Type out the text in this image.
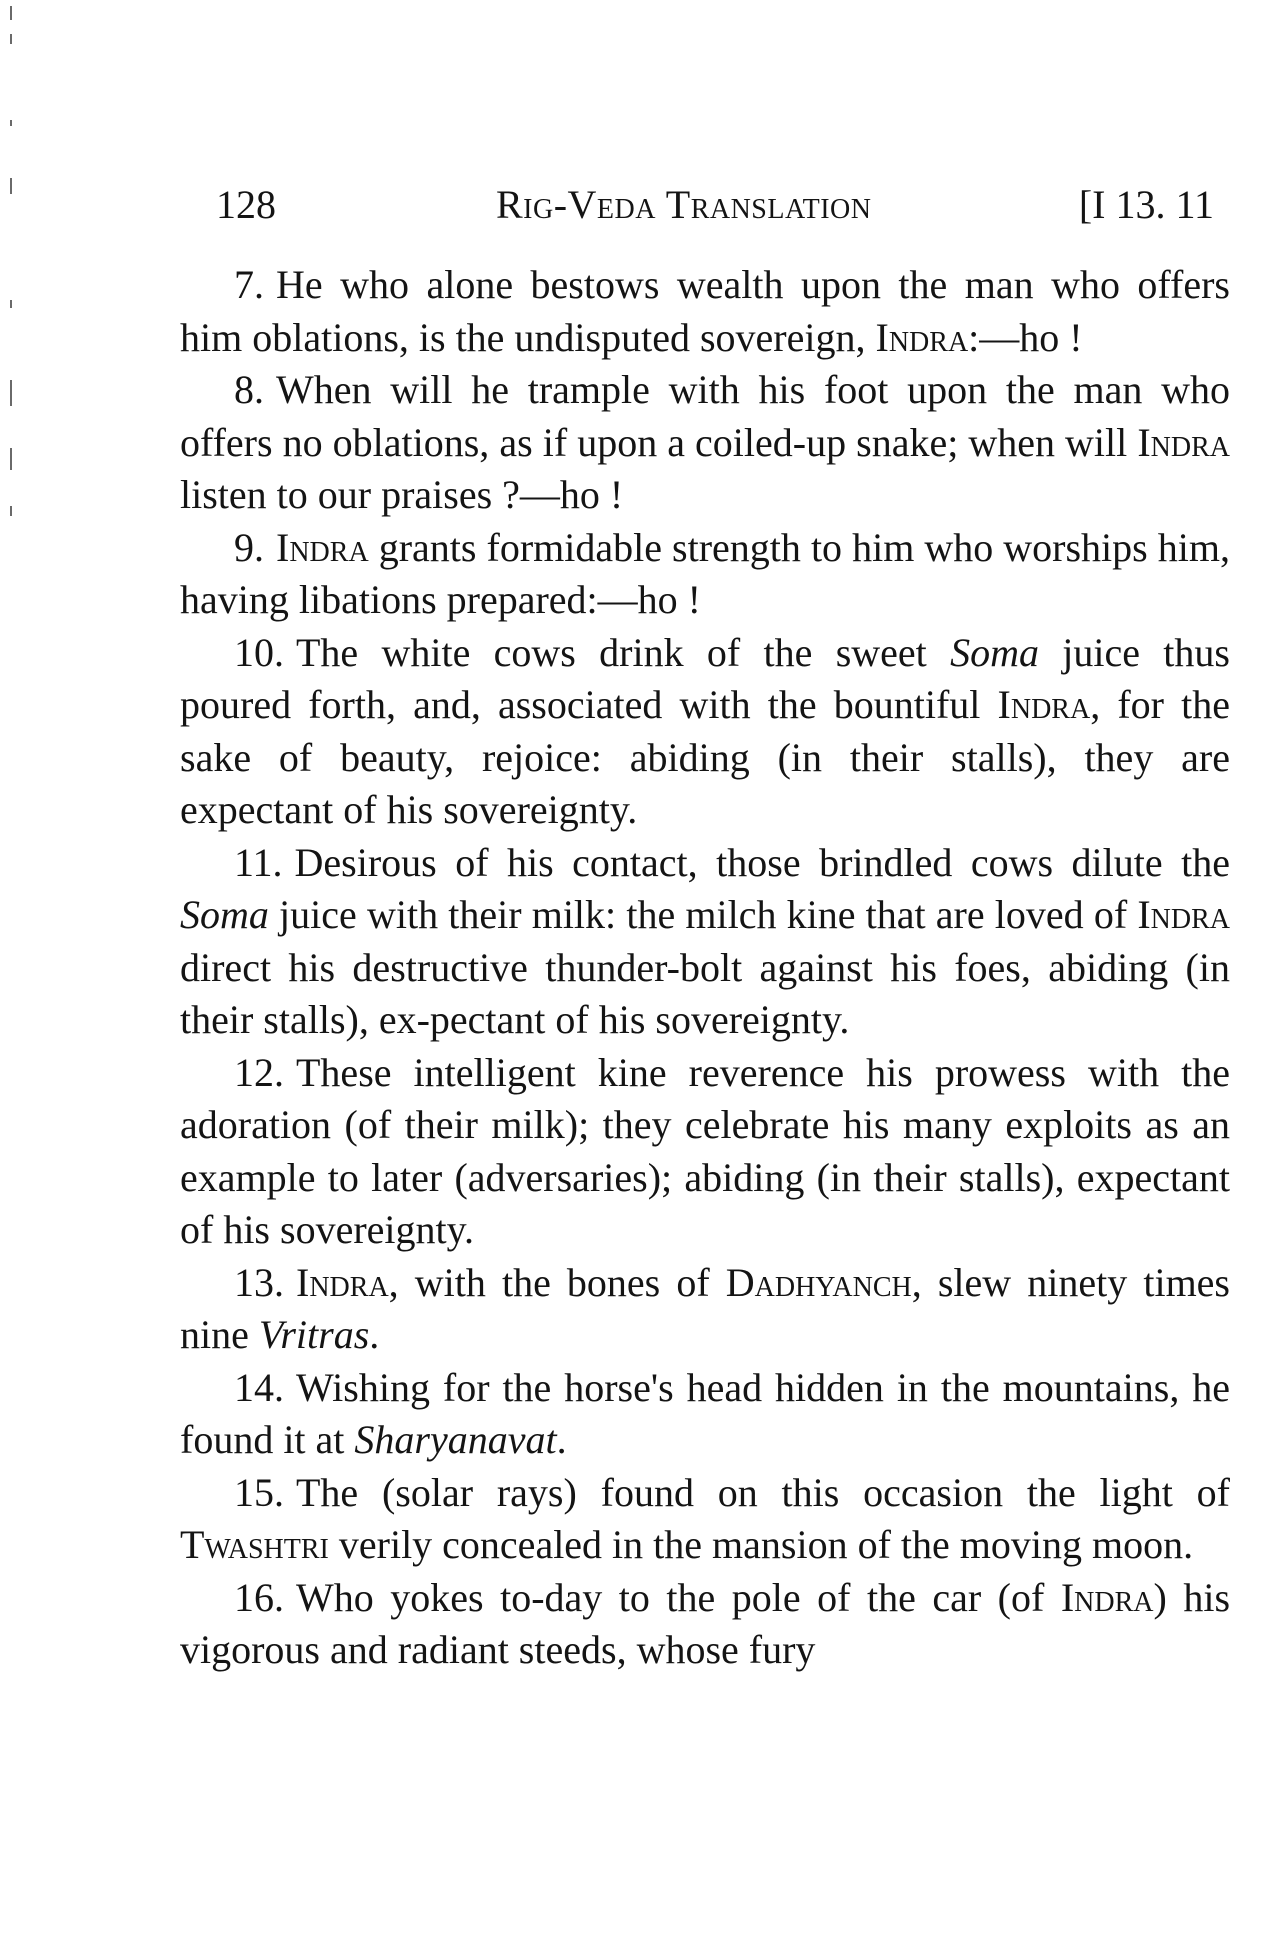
128	Rig-Veda Translation	[I 13. 11

7. He who alone bestows wealth upon the man who offers him oblations, is the undisputed sovereign, Indra:—ho !

8. When will he trample with his foot upon the man who offers no oblations, as if upon a coiled-up snake; when will Indra listen to our praises ?—ho !

9. Indra grants formidable strength to him who worships him, having libations prepared:—ho !

10. The white cows drink of the sweet Soma juice thus poured forth, and, associated with the bountiful Indra, for the sake of beauty, rejoice: abiding (in their stalls), they are expectant of his sovereignty.

11. Desirous of his contact, those brindled cows dilute the Soma juice with their milk: the milch kine that are loved of Indra direct his destructive thunder-bolt against his foes, abiding (in their stalls), ex-pectant of his sovereignty.

12. These intelligent kine reverence his prowess with the adoration (of their milk); they celebrate his many exploits as an example to later (adversaries); abiding (in their stalls), expectant of his sovereignty.

13. Indra, with the bones of Dadhyanch, slew ninety times nine Vritras.

14. Wishing for the horse's head hidden in the mountains, he found it at Sharyanavat.

15. The (solar rays) found on this occasion the light of Twashtri verily concealed in the mansion of the moving moon.

16. Who yokes to-day to the pole of the car (of Indra) his vigorous and radiant steeds, whose fury
